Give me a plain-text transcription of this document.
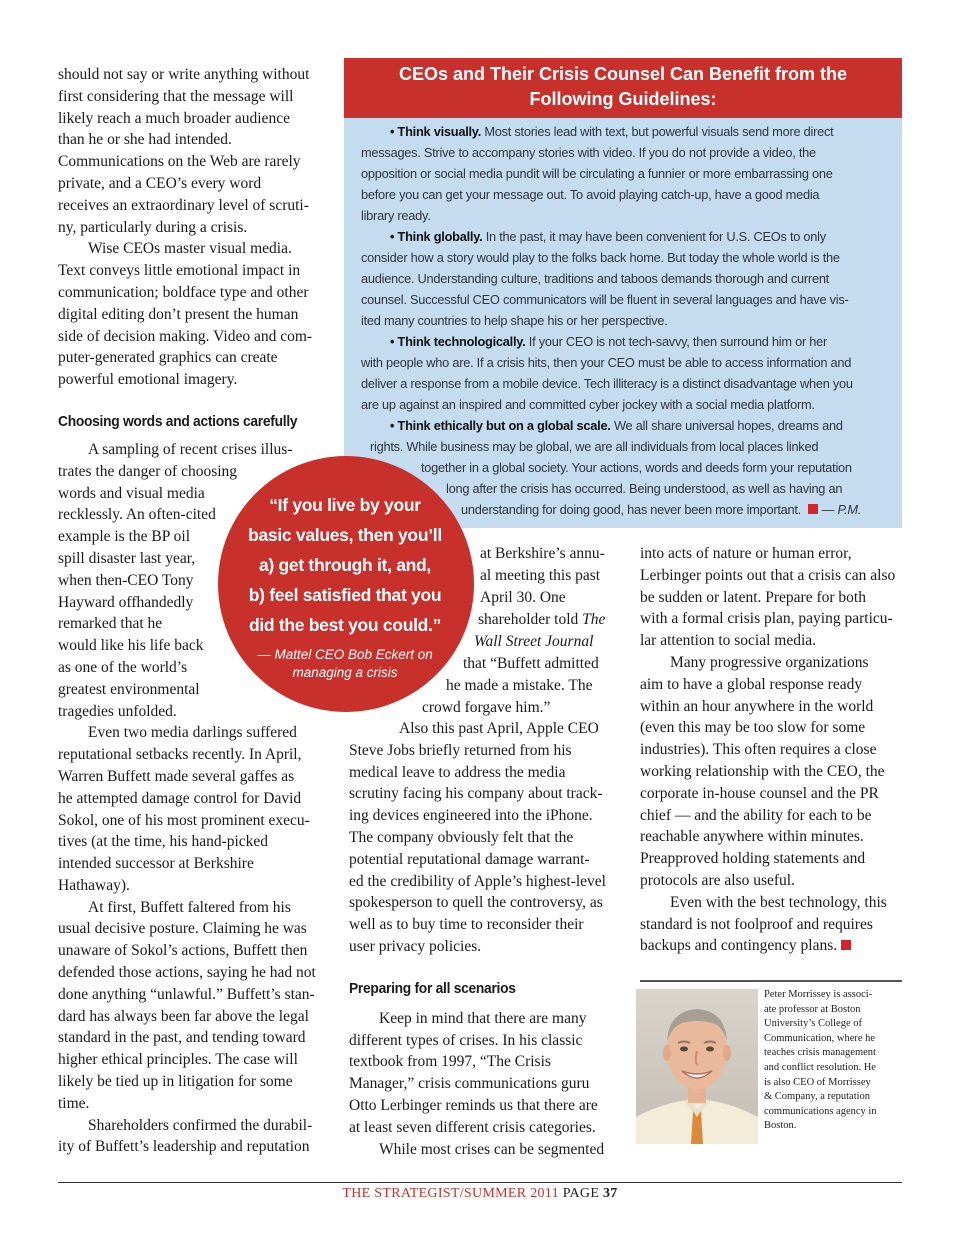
should not say or write anything without
first considering that the message will
likely reach a much broader audience
than he or she had intended.
Communications on the Web are rarely
private, and a CEO’s every word
receives an extraordinary level of scruti-
ny, particularly during a crisis.

Wise CEOs master visual media.
Text conveys little emotional impact in
communication; boldface type and other
digital editing don’t present the human
side of decision making. Video and com-
puter-generated graphics can create
powerful emotional imagery.

Choosing words and actions carefully

A sampling of recent crises illus-
trates the danger of choosing
words and visual media
recklessly. An often-cited
example is the BP oil
spill disaster last year,
when then-CEO Tony
Hayward offhandedly
remarked that he
would like his life back
as one of the world’s
greatest environmental
tragedies unfolded.

Even two media darlings suffered
reputational setbacks recently. In April,
Warren Buffett made several gaffes as
he attempted damage control for David
Sokol, one of his most prominent execu-
tives (at the time, his hand-picked
intended successor at Berkshire
Hathaway).

At first, Buffett faltered from his
usual decisive posture. Claiming he was
unaware of Sokol’s actions, Buffett then
defended those actions, saying he had not
done anything “unlawful.” Buffett’s stan-
dard has always been far above the legal
standard in the past, and tending toward
higher ethical principles. The case will
likely be tied up in litigation for some
time.

Shareholders confirmed the durabil-
ity of Buffett’s leadership and reputation

CEOs and Their Crisis Counsel Can Benefit from the
Following Guidelines:
• Think visually. Most stories lead with text, but powerful visuals send more direct
messages. Strive to accompany stories with video. If you do not provide a video, the
opposition or social media pundit will be circulating a funnier or more embarrassing one
before you can get your message out. To avoid playing catch-up, have a good media
library ready.
• Think globally. In the past, it may have been convenient for U.S. CEOs to only
consider how a story would play to the folks back home. But today the whole world is the
audience. Understanding culture, traditions and taboos demands thorough and current
counsel. Successful CEO communicators will be fluent in several languages and have vis-
ited many countries to help shape his or her perspective.
• Think technologically. If your CEO is not tech-savvy, then surround him or her
with people who are. If a crisis hits, then your CEO must be able to access information and
deliver a response from a mobile device. Tech illiteracy is a distinct disadvantage when you
are up against an inspired and committed cyber jockey with a social media platform.
• Think ethically but on a global scale. We all share universal hopes, dreams and
rights. While business may be global, we are all individuals from local places linked
together in a global society. Your actions, words and deeds form your reputation
long after the crisis has occurred. Being understood, as well as having an
understanding for doing good, has never been more important. — P.M.
“If you live by your
basic values, then you’ll
a) get through it, and,
b) feel satisfied that you
did the best you could.”
— Mattel CEO Bob Eckert on
managing a crisis
at Berkshire’s annu-
al meeting this past
April 30. One
shareholder told The
Wall Street Journal
that “Buffett admitted
he made a mistake. The
crowd forgave him.”

Also this past April, Apple CEO
Steve Jobs briefly returned from his
medical leave to address the media
scrutiny facing his company about track-
ing devices engineered into the iPhone.
The company obviously felt that the
potential reputational damage warrant-
ed the credibility of Apple’s highest-level
spokesperson to quell the controversy, as
well as to buy time to reconsider their
user privacy policies.

Preparing for all scenarios

Keep in mind that there are many
different types of crises. In his classic
textbook from 1997, “The Crisis
Manager,” crisis communications guru
Otto Lerbinger reminds us that there are
at least seven different crisis categories.

While most crises can be segmented

into acts of nature or human error,
Lerbinger points out that a crisis can also
be sudden or latent. Prepare for both
with a formal crisis plan, paying particu-
lar attention to social media.

Many progressive organizations
aim to have a global response ready
within an hour anywhere in the world
(even this may be too slow for some
industries). This often requires a close
working relationship with the CEO, the
corporate in-house counsel and the PR
chief — and the ability for each to be
reachable anywhere within minutes.
Preapproved holding statements and
protocols are also useful.

Even with the best technology, this
standard is not foolproof and requires
backups and contingency plans.

Peter Morrissey is associ-
ate professor at Boston
University’s College of
Communication, where he
teaches crisis management
and conflict resolution. He
is also CEO of Morrissey
& Company, a reputation
communications agency in
Boston.
THE STRATEGIST/SUMMER 2011 PAGE 37
